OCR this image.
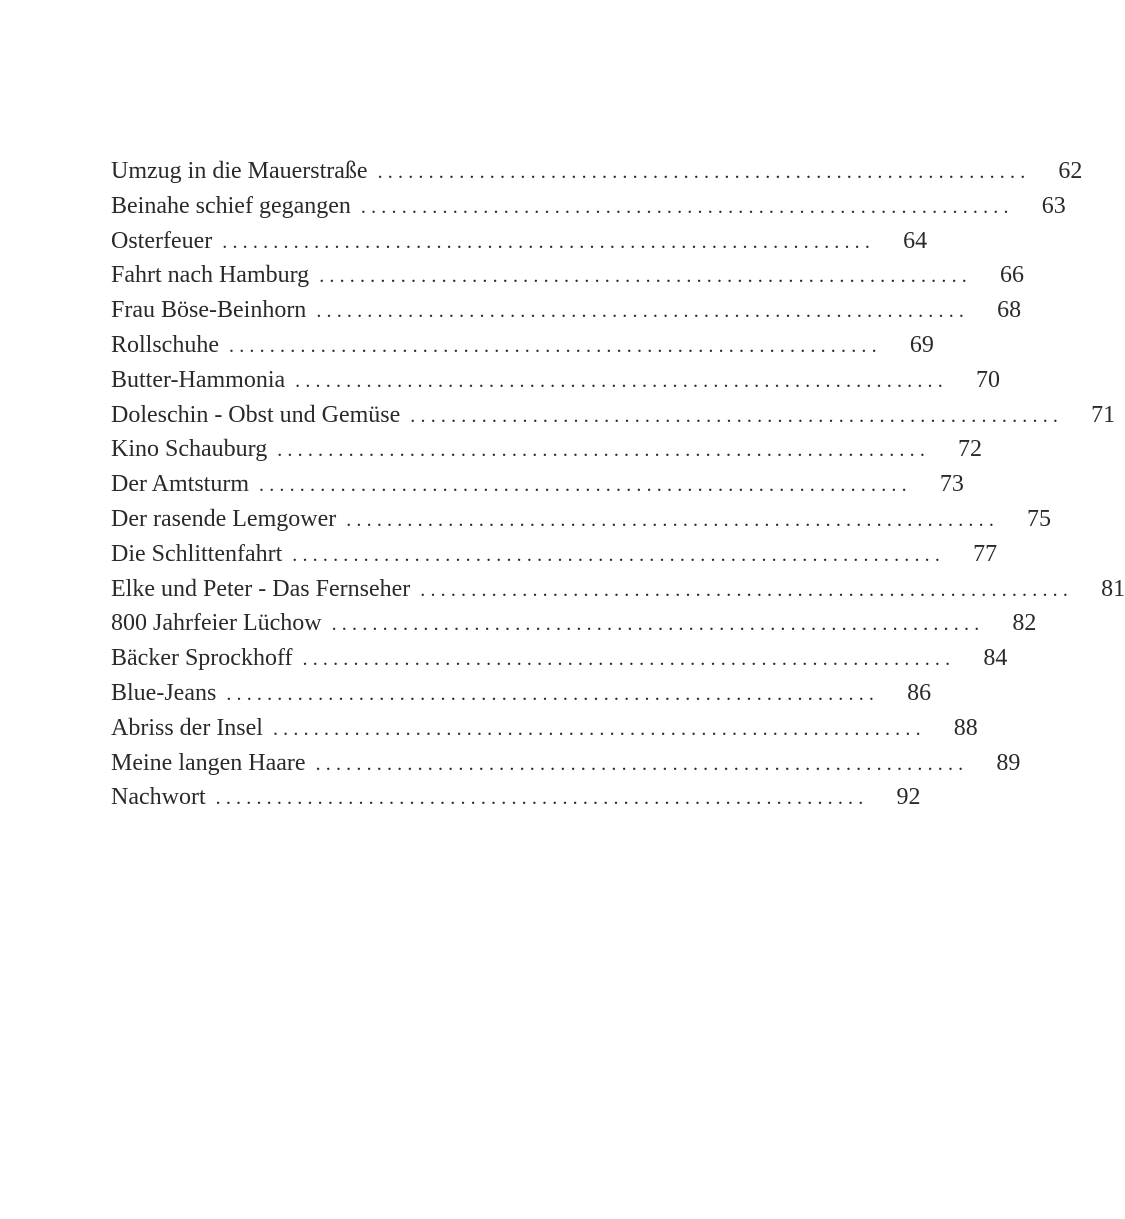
Umzug in die Mauerstraße ................................................................	62
Beinahe schief gegangen ................................................................	63
Osterfeuer ................................................................	64
Fahrt nach Hamburg ................................................................	66
Frau Böse-Beinhorn ................................................................	68
Rollschuhe ................................................................	69
Butter-Hammonia ................................................................	70
Doleschin - Obst und Gemüse ................................................................	71
Kino Schauburg ................................................................	72
Der Amtsturm ................................................................	73
Der rasende Lemgower ................................................................	75
Die Schlittenfahrt ................................................................	77
Elke und Peter - Das Fernseher ................................................................	81
800 Jahrfeier Lüchow ................................................................	82
Bäcker Sprockhoff ................................................................	84
Blue-Jeans ................................................................	86
Abriss der Insel ................................................................	88
Meine langen Haare ................................................................	89
Nachwort ................................................................	92
